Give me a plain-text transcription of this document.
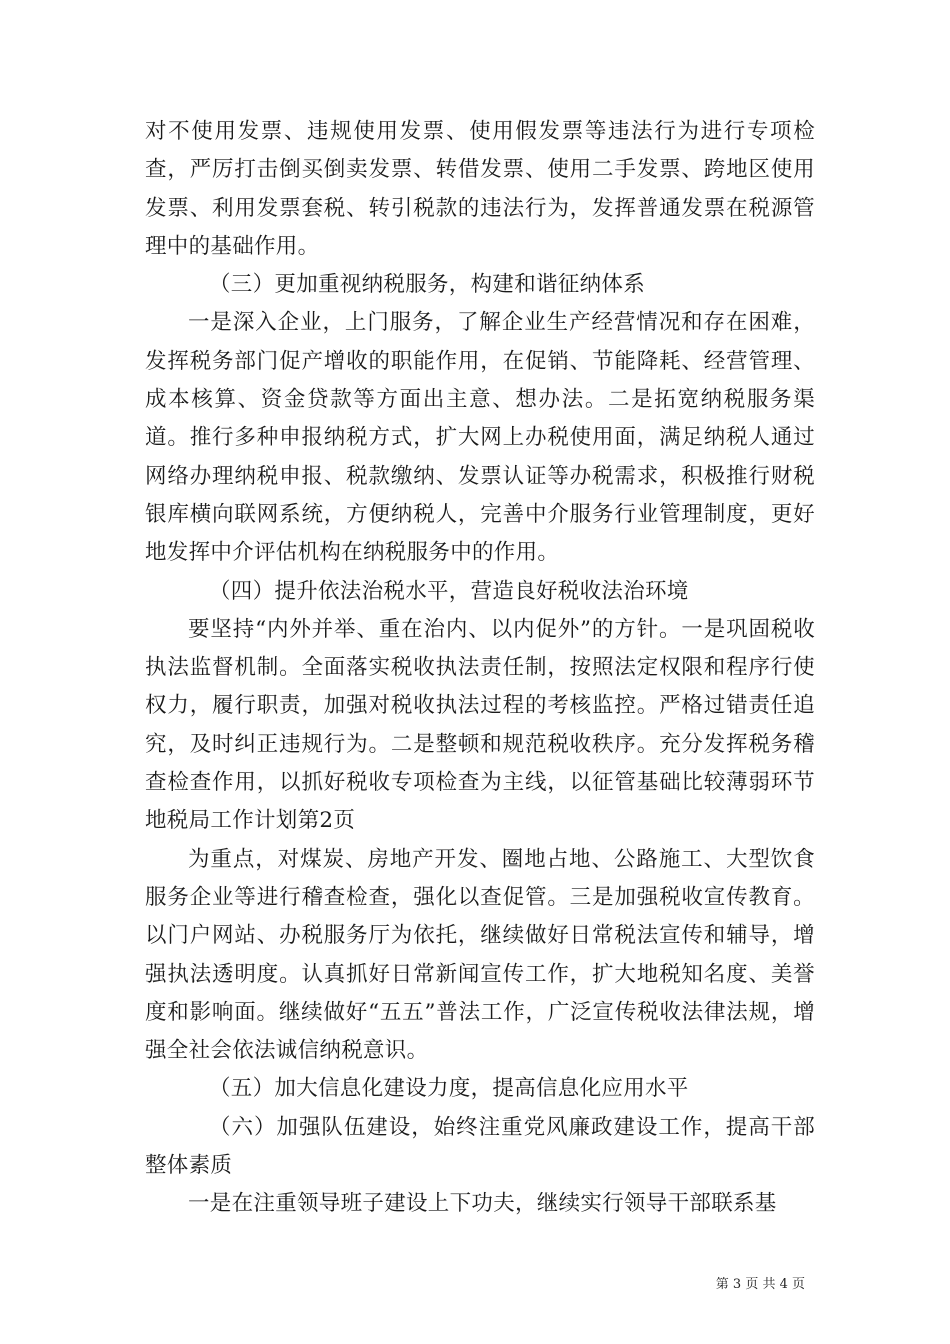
对不使用发票、违规使用发票、使用假发票等违法行为进行专项检查，严厉打击倒买倒卖发票、转借发票、使用二手发票、跨地区使用发票、利用发票套税、转引税款的违法行为，发挥普通发票在税源管理中的基础作用。

（三）更加重视纳税服务，构建和谐征纳体系

一是深入企业，上门服务，了解企业生产经营情况和存在困难，发挥税务部门促产增收的职能作用，在促销、节能降耗、经营管理、成本核算、资金贷款等方面出主意、想办法。二是拓宽纳税服务渠道。推行多种申报纳税方式，扩大网上办税使用面，满足纳税人通过网络办理纳税申报、税款缴纳、发票认证等办税需求，积极推行财税银库横向联网系统，方便纳税人，完善中介服务行业管理制度，更好地发挥中介评估机构在纳税服务中的作用。

（四）提升依法治税水平，营造良好税收法治环境

要坚持“内外并举、重在治内、以内促外”的方针。一是巩固税收执法监督机制。全面落实税收执法责任制，按照法定权限和程序行使权力，履行职责，加强对税收执法过程的考核监控。严格过错责任追究，及时纠正违规行为。二是整顿和规范税收秩序。充分发挥税务稽查检查作用，以抓好税收专项检查为主线，以征管基础比较薄弱环节地税局工作计划第2页

为重点，对煤炭、房地产开发、圈地占地、公路施工、大型饮食服务企业等进行稽查检查，强化以查促管。三是加强税收宣传教育。以门户网站、办税服务厅为依托，继续做好日常税法宣传和辅导，增强执法透明度。认真抓好日常新闻宣传工作，扩大地税知名度、美誉度和影响面。继续做好“五五”普法工作，广泛宣传税收法律法规，增强全社会依法诚信纳税意识。

（五）加大信息化建设力度，提高信息化应用水平

（六）加强队伍建设，始终注重党风廉政建设工作，提高干部整体素质

一是在注重领导班子建设上下功夫，继续实行领导干部联系基

第 3 页 共 4 页
